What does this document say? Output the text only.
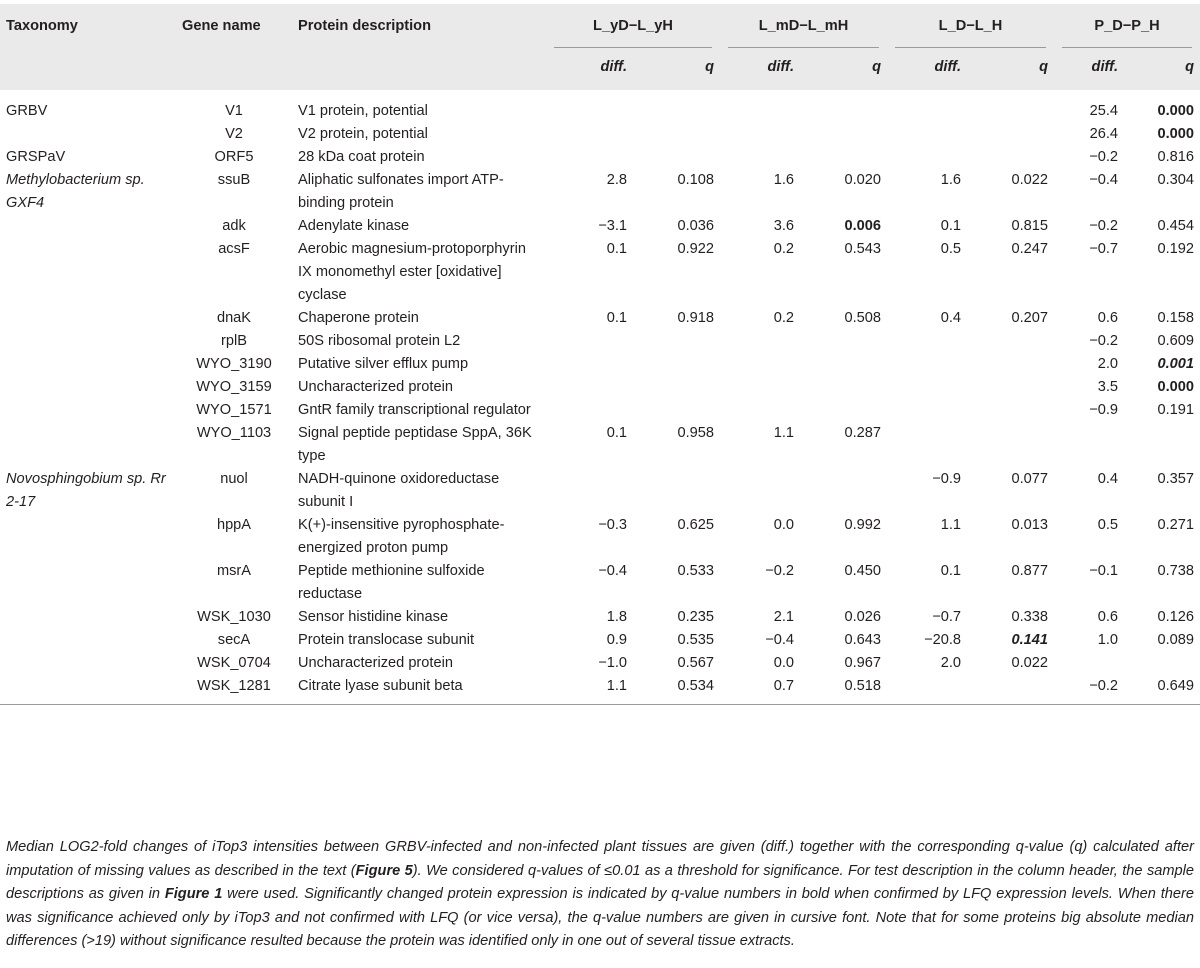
Taxonomy	Gene name	Protein description	L_yD−L_yH		L_mD−L_mH		L_D−L_H		P_D−P_H	

			diff.	q	diff.	q	diff.	q	diff.	q
GRBV	V1	V1 protein, potential							25.4	0.000
	V2	V2 protein, potential							26.4	0.000
GRSPaV	ORF5	28 kDa coat protein							−0.2	0.816
Methylobacterium sp. GXF4	ssuB	Aliphatic sulfonates import ATP-binding protein	2.8	0.108	1.6	0.020	1.6	0.022	−0.4	0.304
	adk	Adenylate kinase	−3.1	0.036	3.6	0.006	0.1	0.815	−0.2	0.454
	acsF	Aerobic magnesium-protoporphyrin IX monomethyl ester [oxidative] cyclase	0.1	0.922	0.2	0.543	0.5	0.247	−0.7	0.192
	dnaK	Chaperone protein	0.1	0.918	0.2	0.508	0.4	0.207	0.6	0.158
	rplB	50S ribosomal protein L2							−0.2	0.609
	WYO_3190	Putative silver efflux pump							2.0	0.001
	WYO_3159	Uncharacterized protein							3.5	0.000
	WYO_1571	GntR family transcriptional regulator							−0.9	0.191
	WYO_1103	Signal peptide peptidase SppA, 36K type	0.1	0.958	1.1	0.287				
Novosphingobium sp. Rr 2-17	nuol	NADH-quinone oxidoreductase subunit I					−0.9	0.077	0.4	0.357
	hppA	K(+)-insensitive pyrophosphate-energized proton pump	−0.3	0.625	0.0	0.992	1.1	0.013	0.5	0.271
	msrA	Peptide methionine sulfoxide reductase	−0.4	0.533	−0.2	0.450	0.1	0.877	−0.1	0.738
	WSK_1030	Sensor histidine kinase	1.8	0.235	2.1	0.026	−0.7	0.338	0.6	0.126
	secA	Protein translocase subunit	0.9	0.535	−0.4	0.643	−20.8	0.141	1.0	0.089
	WSK_0704	Uncharacterized protein	−1.0	0.567	0.0	0.967	2.0	0.022		
	WSK_1281	Citrate lyase subunit beta	1.1	0.534	0.7	0.518			−0.2	0.649
Median LOG2-fold changes of iTop3 intensities between GRBV-infected and non-infected plant tissues are given (diff.) together with the corresponding q-value (q) calculated after imputation of missing values as described in the text (Figure 5). We considered q-values of ≤0.01 as a threshold for significance. For test description in the column header, the sample descriptions as given in Figure 1 were used. Significantly changed protein expression is indicated by q-value numbers in bold when confirmed by LFQ expression levels. When there was significance achieved only by iTop3 and not confirmed with LFQ (or vice versa), the q-value numbers are given in cursive font. Note that for some proteins big absolute median differences (>19) without significance resulted because the protein was identified only in one out of several tissue extracts.
